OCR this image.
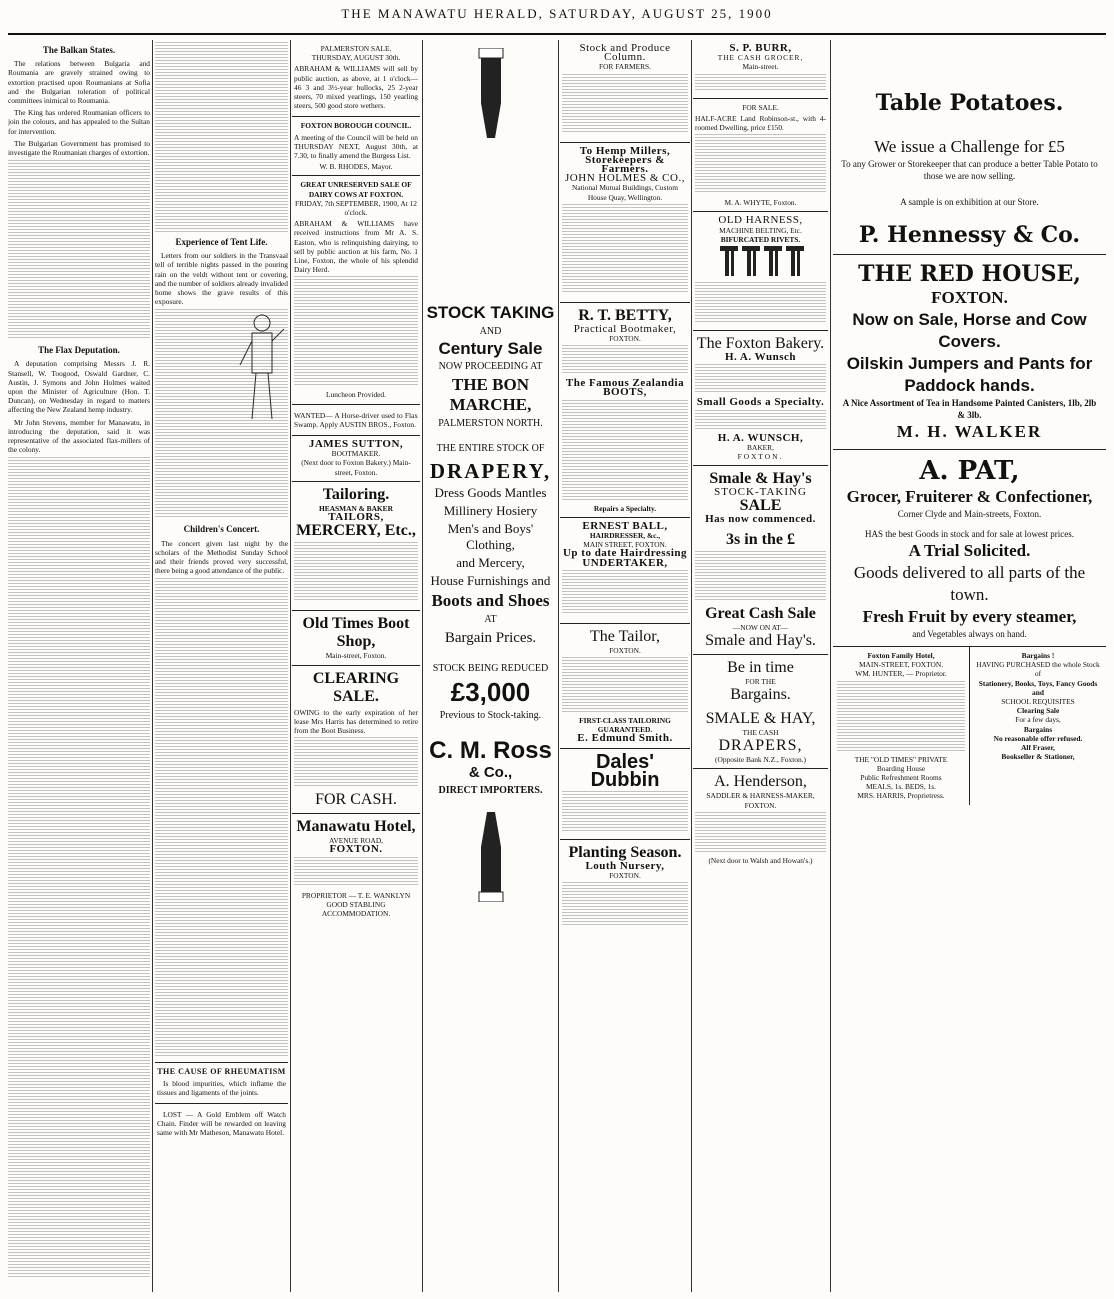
THE MANAWATU HERALD, SATURDAY, AUGUST 25, 1900
The Balkan States.

The relations between Bulgaria and Roumania are gravely strained owing to extortion practised upon Roumanians at Sofia and the Bulgarian toleration of political committees inimical to Roumania.

The King has ordered Roumanian officers to join the colours, and has appealed to the Sultan for intervention.

The Bulgarian Government has promised to investigate the Roumanian charges of extortion.

The Flax Deputation.

A deputation comprising Messrs J. R. Stansell, W. Toogood, Oswald Gardner, C. Austin, J. Symons and John Holmes waited upon the Minister of Agriculture (Hon. T. Duncan), on Wednesday in regard to matters affecting the New Zealand hemp industry.

Mr John Stevens, member for Manawatu, in introducing the deputation, said it was representative of the associated flax-millers of the colony.

Experience of Tent Life.

Letters from our soldiers in the Transvaal tell of terrible nights passed in the pouring rain on the veldt without tent or covering, and the number of soldiers already invalided home shows the grave results of this exposure.

Children's Concert.

The concert given last night by the scholars of the Methodist Sunday School and their friends proved very successful, there being a good attendance of the public.

THE CAUSE OF RHEUMATISM

Is blood impurities, which inflame the tissues and ligaments of the joints.

LOST — A Gold Emblem off Watch Chain. Finder will be rewarded on leaving same with Mr Matheson, Manawatu Hotel.

PALMERSTON SALE.
THURSDAY, AUGUST 30th.

ABRAHAM & WILLIAMS will sell by public auction, as above, at 1 o'clock— 46 3 and 3½-year bullocks, 25 2-year steers, 70 mixed yearlings, 150 yearling steers, 500 good store wethers.

FOXTON BOROUGH COUNCIL.

A meeting of the Council will be held on THURSDAY NEXT, August 30th, at 7.30, to finally amend the Burgess List.

W. B. RHODES, Mayor.
GREAT UNRESERVED SALE OF DAIRY COWS AT FOXTON.
FRIDAY, 7th SEPTEMBER, 1900, At 12 o'clock.

ABRAHAM & WILLIAMS have received instructions from Mr A. S. Easton, who is relinquishing dairying, to sell by public auction at his farm, No. 1 Line, Foxton, the whole of his splendid Dairy Herd.

Luncheon Provided.

WANTED— A Horse-driver used to Flax Swamp. Apply AUSTIN BROS., Foxton.

JAMES SUTTON,
BOOTMAKER.
(Next door to Foxton Bakery.) Main-street, Foxton.
Tailoring.
HEASMAN & BAKER
TAILORS,
MERCERY, Etc.,
Old Times Boot Shop,
Main-street, Foxton.
CLEARING SALE.

OWING to the early expiration of her lease Mrs Harris has determined to retire from the Boot Business.

FOR CASH.
Manawatu Hotel,
AVENUE ROAD,
FOXTON.
PROPRIETOR — T. E. WANKLYN
GOOD STABLING ACCOMMODATION.
STOCK TAKING
AND
Century Sale
NOW PROCEEDING AT
THE BON MARCHE,
PALMERSTON NORTH.
THE ENTIRE STOCK OF
DRAPERY,
Dress Goods Mantles
Millinery Hosiery
Men's and Boys' Clothing,
and Mercery,
House Furnishings and
Boots and Shoes
AT
Bargain Prices.
STOCK BEING REDUCED
£3,000
Previous to Stock-taking.
C. M. Ross
& Co.,
DIRECT IMPORTERS.
Stock and Produce Column.
FOR FARMERS.
To Hemp Millers, Storekeepers & Farmers.
JOHN HOLMES & CO.,
National Mutual Buildings, Custom House Quay, Wellington.
R. T. BETTY,
Practical Bootmaker,
FOXTON.
The Famous Zealandia BOOTS,
Repairs a Specialty.
ERNEST BALL,
HAIRDRESSER, &c.,
MAIN STREET, FOXTON.
Up to date Hairdressing
UNDERTAKER,
The Tailor,
FOXTON.
FIRST-CLASS TAILORING GUARANTEED.
E. Edmund Smith.
Dales' Dubbin
Planting Season.
Louth Nursery,
FOXTON.
S. P. BURR,
THE CASH GROCER,
Main-street.
FOR SALE.

HALF-ACRE Land Robinson-st., with 4-roomed Dwelling, price £150.

M. A. WHYTE, Foxton.
OLD HARNESS,
MACHINE BELTING, Etc.
BIFURCATED RIVETS.
The Foxton Bakery.
H. A. Wunsch
Small Goods a Specialty.
H. A. WUNSCH,
BAKER,
FOXTON.
Smale & Hay's
STOCK-TAKING
SALE
Has now commenced.
3s in the £
Great Cash Sale
—NOW ON AT—
Smale and Hay's.
Be in time
FOR THE
Bargains.
SMALE & HAY,
THE CASH
DRAPERS,
(Opposite Bank N.Z., Foxton.)
A. Henderson,
SADDLER & HARNESS-MAKER,
FOXTON.
(Next door to Walsh and Howan's.)
Table Potatoes.
We issue a Challenge for £5
To any Grower or Storekeeper that can produce a better Table Potato to those we are now selling.
A sample is on exhibition at our Store.
P. Hennessy & Co.
THE RED HOUSE,
FOXTON.
Now on Sale, Horse and Cow Covers.
Oilskin Jumpers and Pants for Paddock hands.
A Nice Assortment of Tea in Handsome Painted Canisters, 1lb, 2lb & 3lb.
M. H. WALKER
A. PAT,
Grocer, Fruiterer & Confectioner,
Corner Clyde and Main-streets, Foxton.
HAS the best Goods in stock and for sale at lowest prices.
A Trial Solicited.
Goods delivered to all parts of the town.
Fresh Fruit by every steamer,
and Vegetables always on hand.
Foxton Family Hotel,
MAIN-STREET, FOXTON.
WM. HUNTER, — Proprietor.
THE "OLD TIMES" PRIVATE
Boarding House
Public Refreshment Rooms
MEALS, 1s. BEDS, 1s.
MRS. HARRIS, Proprietress.
Bargains !
HAVING PURCHASED the whole Stock of
Stationery, Books, Toys, Fancy Goods and
SCHOOL REQUISITES
Clearing Sale
For a few days,
Bargains
No reasonable offer refused.
Alf Fraser,
Bookseller & Stationer,
